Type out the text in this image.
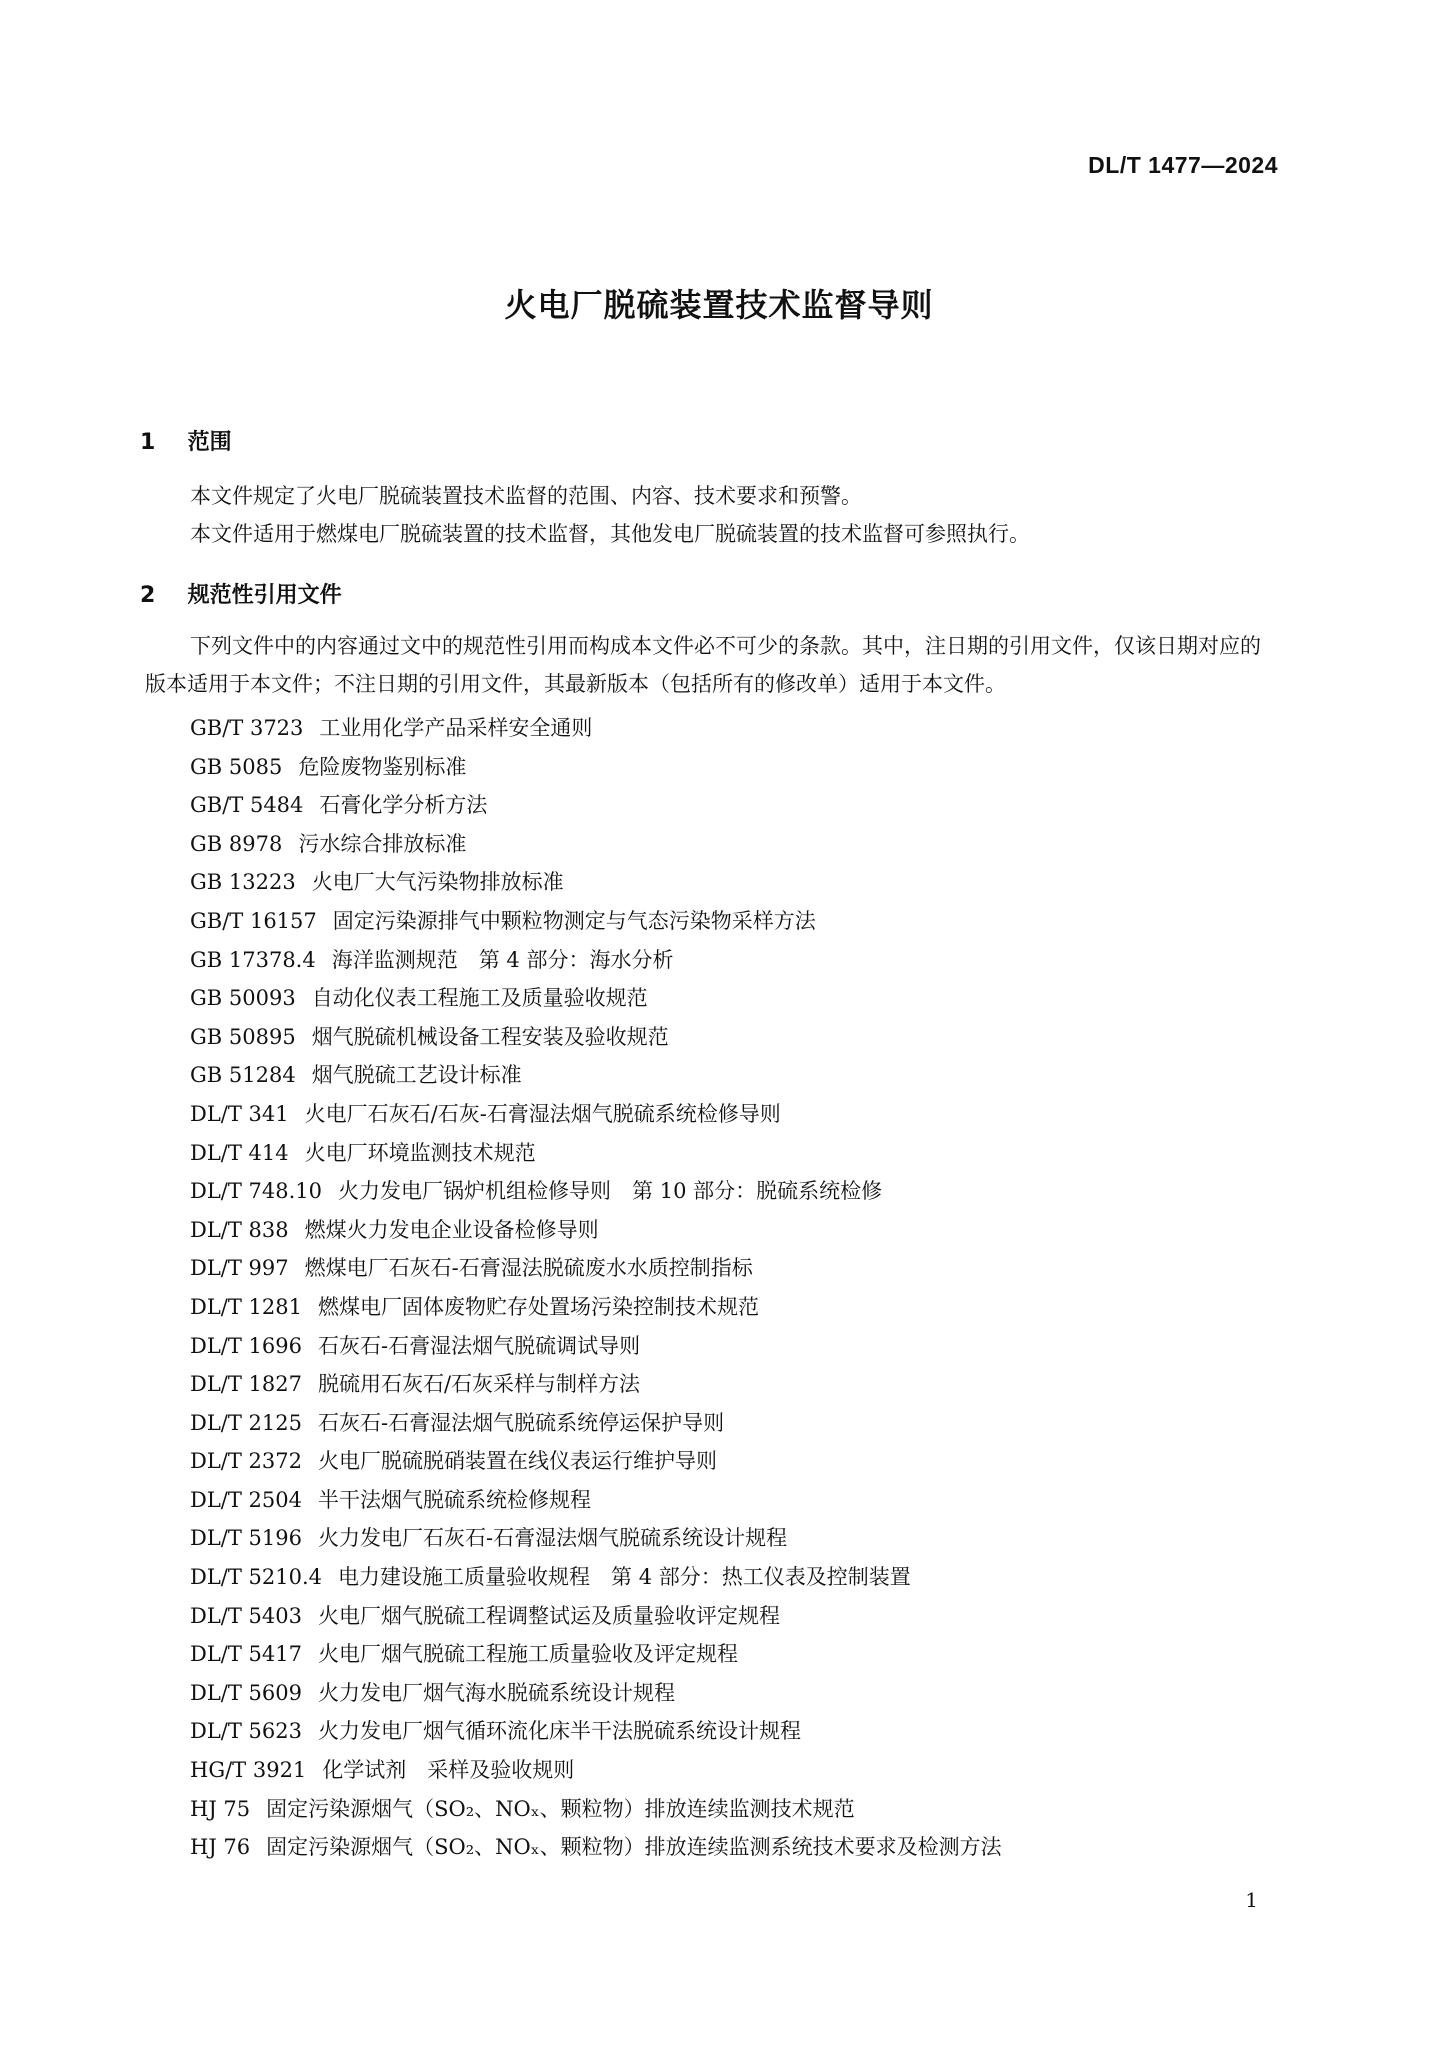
DL/T 1477—2024
火电厂脱硫装置技术监督导则
1 范围

本文件规定了火电厂脱硫装置技术监督的范围、内容、技术要求和预警。

本文件适用于燃煤电厂脱硫装置的技术监督，其他发电厂脱硫装置的技术监督可参照执行。

2 规范性引用文件

下列文件中的内容通过文中的规范性引用而构成本文件必不可少的条款。其中，注日期的引用文件，仅该日期对应的版本适用于本文件；不注日期的引用文件，其最新版本（包括所有的修改单）适用于本文件。

GB/T 3723 工业用化学产品采样安全通则
GB 5085 危险废物鉴别标准
GB/T 5484 石膏化学分析方法
GB 8978 污水综合排放标准
GB 13223 火电厂大气污染物排放标准
GB/T 16157 固定污染源排气中颗粒物测定与气态污染物采样方法
GB 17378.4 海洋监测规范　第 4 部分：海水分析
GB 50093 自动化仪表工程施工及质量验收规范
GB 50895 烟气脱硫机械设备工程安装及验收规范
GB 51284 烟气脱硫工艺设计标准
DL/T 341 火电厂石灰石/石灰-石膏湿法烟气脱硫系统检修导则
DL/T 414 火电厂环境监测技术规范
DL/T 748.10 火力发电厂锅炉机组检修导则　第 10 部分：脱硫系统检修
DL/T 838 燃煤火力发电企业设备检修导则
DL/T 997 燃煤电厂石灰石-石膏湿法脱硫废水水质控制指标
DL/T 1281 燃煤电厂固体废物贮存处置场污染控制技术规范
DL/T 1696 石灰石-石膏湿法烟气脱硫调试导则
DL/T 1827 脱硫用石灰石/石灰采样与制样方法
DL/T 2125 石灰石-石膏湿法烟气脱硫系统停运保护导则
DL/T 2372 火电厂脱硫脱硝装置在线仪表运行维护导则
DL/T 2504 半干法烟气脱硫系统检修规程
DL/T 5196 火力发电厂石灰石-石膏湿法烟气脱硫系统设计规程
DL/T 5210.4 电力建设施工质量验收规程　第 4 部分：热工仪表及控制装置
DL/T 5403 火电厂烟气脱硫工程调整试运及质量验收评定规程
DL/T 5417 火电厂烟气脱硫工程施工质量验收及评定规程
DL/T 5609 火力发电厂烟气海水脱硫系统设计规程
DL/T 5623 火力发电厂烟气循环流化床半干法脱硫系统设计规程
HG/T 3921 化学试剂　采样及验收规则
HJ 75 固定污染源烟气（SO₂、NOₓ、颗粒物）排放连续监测技术规范
HJ 76 固定污染源烟气（SO₂、NOₓ、颗粒物）排放连续监测系统技术要求及检测方法
1
